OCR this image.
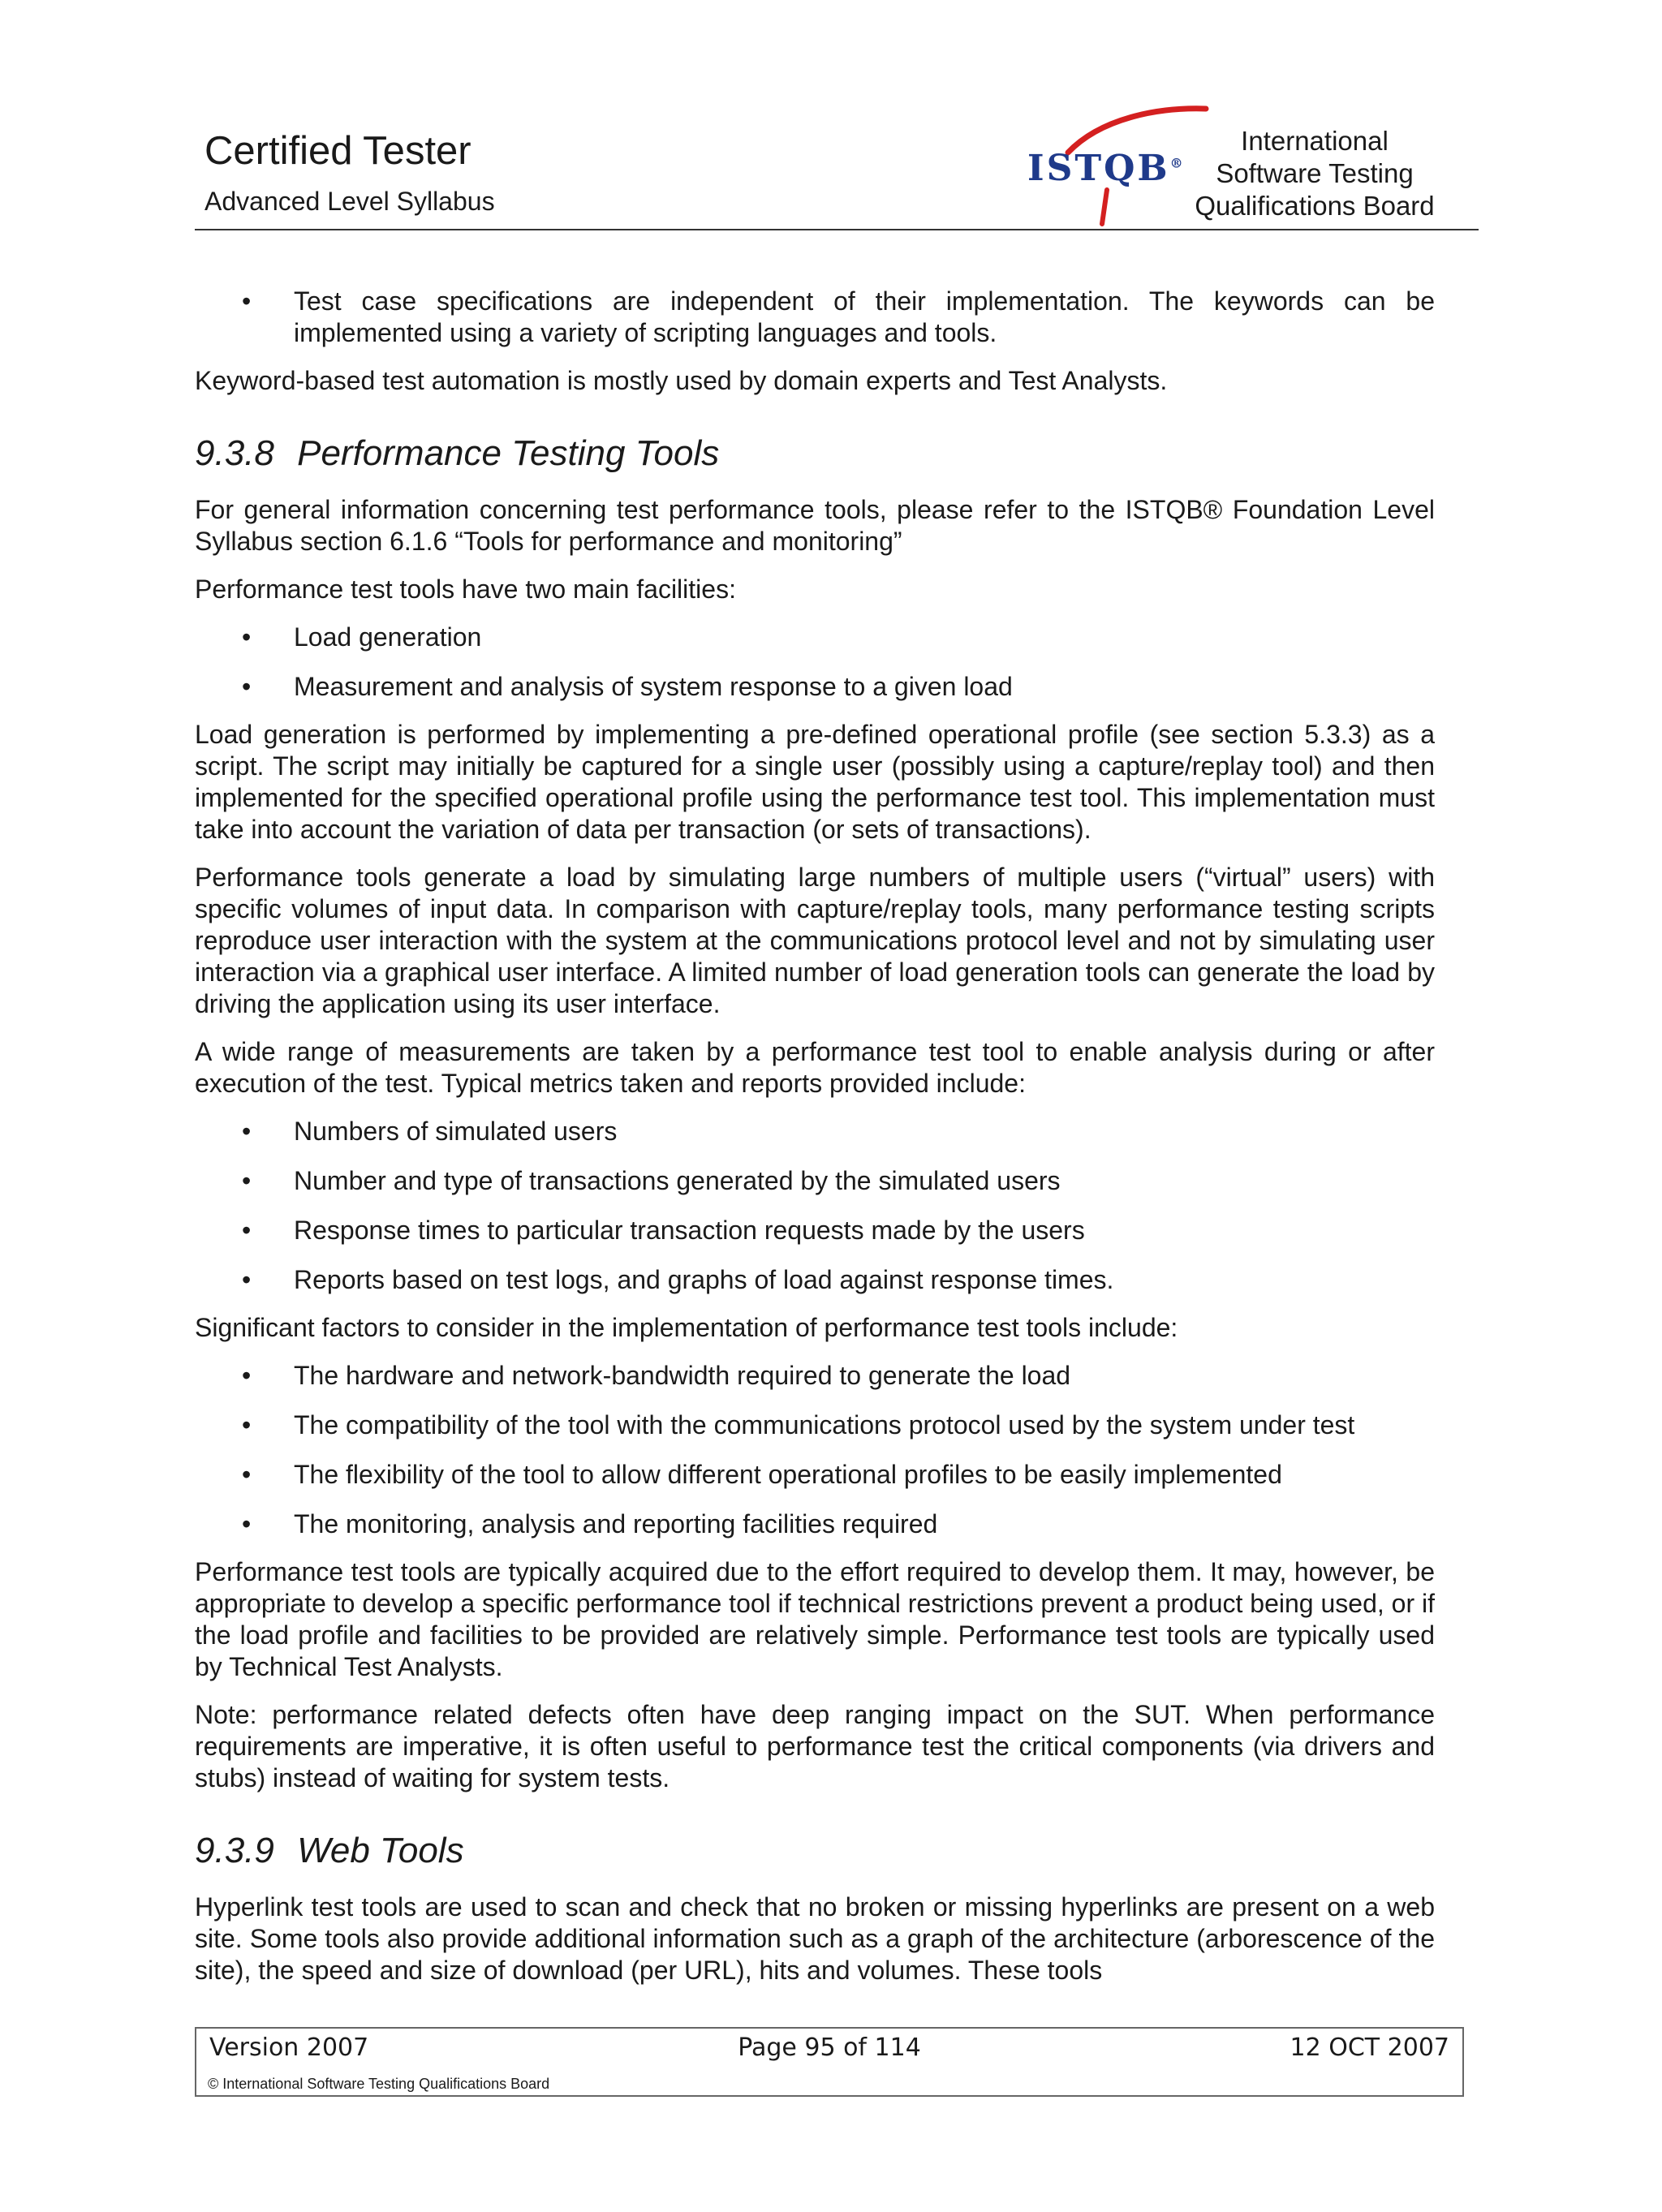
Certified Tester
Advanced Level Syllabus
ISTQB®
International
Software Testing
Qualifications Board
• Test case specifications are independent of their implementation. The keywords can be implemented using a variety of scripting languages and tools.

Keyword-based test automation is mostly used by domain experts and Test Analysts.

9.3.8 Performance Testing Tools

For general information concerning test performance tools, please refer to the ISTQB® Foundation Level Syllabus section 6.1.6 “Tools for performance and monitoring”

Performance test tools have two main facilities:

• Load generation
• Measurement and analysis of system response to a given load

Load generation is performed by implementing a pre-defined operational profile (see section 5.3.3) as a script. The script may initially be captured for a single user (possibly using a capture/replay tool) and then implemented for the specified operational profile using the performance test tool. This implementation must take into account the variation of data per transaction (or sets of transactions).

Performance tools generate a load by simulating large numbers of multiple users (“virtual” users) with specific volumes of input data. In comparison with capture/replay tools, many performance testing scripts reproduce user interaction with the system at the communications protocol level and not by simulating user interaction via a graphical user interface. A limited number of load generation tools can generate the load by driving the application using its user interface.

A wide range of measurements are taken by a performance test tool to enable analysis during or after execution of the test. Typical metrics taken and reports provided include:

• Numbers of simulated users
• Number and type of transactions generated by the simulated users
• Response times to particular transaction requests made by the users
• Reports based on test logs, and graphs of load against response times.

Significant factors to consider in the implementation of performance test tools include:

• The hardware and network-bandwidth required to generate the load
• The compatibility of the tool with the communications protocol used by the system under test
• The flexibility of the tool to allow different operational profiles to be easily implemented
• The monitoring, analysis and reporting facilities required

Performance test tools are typically acquired due to the effort required to develop them. It may, however, be appropriate to develop a specific performance tool if technical restrictions prevent a product being used, or if the load profile and facilities to be provided are relatively simple. Performance test tools are typically used by Technical Test Analysts.

Note: performance related defects often have deep ranging impact on the SUT. When performance requirements are imperative, it is often useful to performance test the critical components (via drivers and stubs) instead of waiting for system tests.

9.3.9 Web Tools

Hyperlink test tools are used to scan and check that no broken or missing hyperlinks are present on a web site. Some tools also provide additional information such as a graph of the architecture (arborescence of the site), the speed and size of download (per URL), hits and volumes. These tools

Page 95 of 114
Version 2007	12 OCT 2007
© International Software Testing Qualifications Board
